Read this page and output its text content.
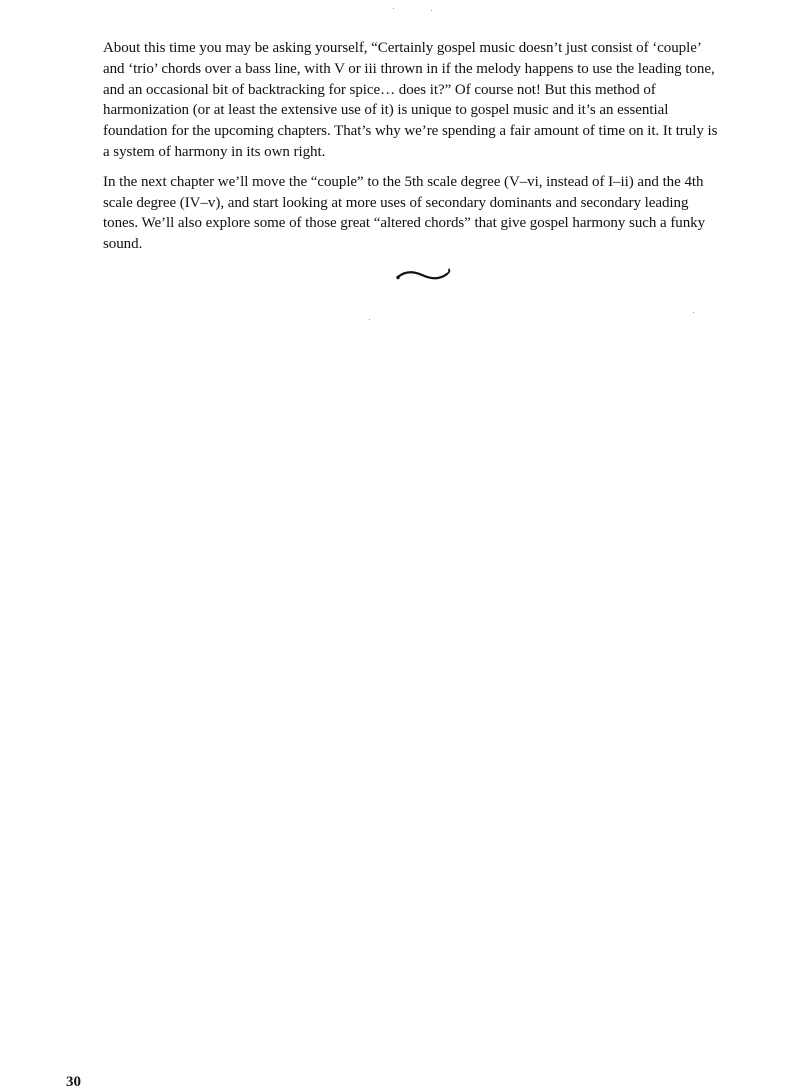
About this time you may be asking yourself, “Certainly gospel music doesn’t just consist of ‘couple’ and ‘trio’ chords over a bass line, with V or iii thrown in if the melody happens to use the leading tone, and an occasional bit of backtracking for spice… does it?” Of course not! But this method of harmonization (or at least the extensive use of it) is unique to gospel music and it’s an essential foundation for the upcoming chapters. That’s why we’re spending a fair amount of time on it. It truly is a system of harmony in its own right.

In the next chapter we’ll move the “couple” to the 5th scale degree (V–vi, instead of I–ii) and the 4th scale degree (IV–v), and start looking at more uses of secondary dominants and secondary leading tones. We’ll also explore some of those great “altered chords” that give gospel harmony such a funky sound.

30
